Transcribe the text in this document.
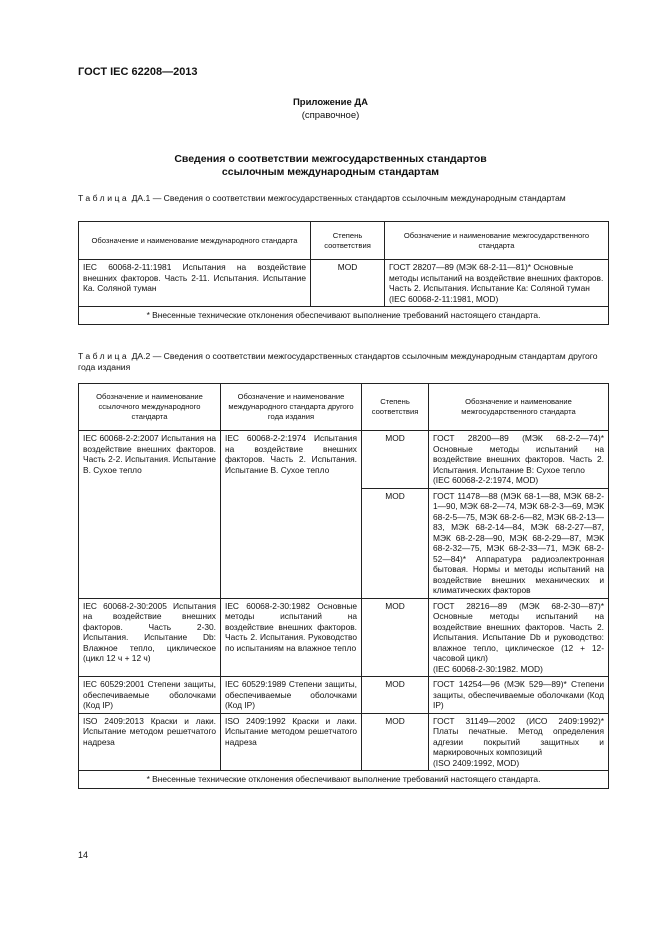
ГОСТ IEC 62208—2013
Приложение ДА
(справочное)
Сведения о соответствии межгосударственных стандартов
ссылочным международным стандартам
Таблица ДА.1 — Сведения о соответствии межгосударственных стандартов ссылочным международным стандартам
Обозначение и наименование международного стандарта	Степень соответствия	Обозначение и наименование межгосударственного стандарта

IEC 60068-2-11:1981 Испытания на воздействие внешних факторов. Часть 2-11. Испытания. Испытание Ка. Соляной туман	MOD	ГОСТ 28207—89 (МЭК 68-2-11—81)* Основные методы испытаний на воздействие внешних факторов. Часть 2. Испытания. Испытание Ка: Соляной туман
(IEC 60068-2-11:1981, MOD)

* Внесенные технические отклонения обеспечивают выполнение требований настоящего стандарта.		
Таблица ДА.2 — Сведения о соответствии межгосударственных стандартов ссылочным международным стандартам другого года издания
Обозначение и наименование ссылочного международного стандарта	Обозначение и наименование международного стандарта другого года издания	Степень соответствия	Обозначение и наименование межгосударственного стандарта
IEC 60068-2-2:2007 Испытания на воздействие внешних факторов. Часть 2-2. Испытания. Испытание В. Сухое тепло	IEC 60068-2-2:1974 Испытания на воздействие внешних факторов. Часть 2. Испытания. Испытание В. Сухое тепло	MOD	ГОСТ 28200—89 (МЭК 68-2-2—74)* Основные методы испытаний на воздействие внешних факторов. Часть 2. Испытания. Испытание В: Сухое тепло
(IEC 60068-2-2:1974, MOD)

		MOD	ГОСТ 11478—88 (МЭК 68-1—88, МЭК 68-2-1—90, МЭК 68-2—74, МЭК 68-2-3—69, МЭК 68-2-5—75, МЭК 68-2-6—82, МЭК 68-2-13—83, МЭК 68-2-14—84, МЭК 68-2-27—87, МЭК 68-2-28—90, МЭК 68-2-29—87, МЭК 68-2-32—75, МЭК 68-2-33—71, МЭК 68-2-52—84)* Аппаратура радиоэлектронная бытовая. Нормы и методы испытаний на воздействие внешних механических и климатических факторов

IEC 60068-2-30:2005 Испытания на воздействие внешних факторов. Часть 2-30. Испытания. Испытание Db: Влажное тепло, циклическое (цикл 12 ч + 12 ч)	IEC 60068-2-30:1982 Основные методы испытаний на воздействие внешних факторов. Часть 2. Испытания. Руководство по испытаниям на влажное тепло	MOD	ГОСТ 28216—89 (МЭК 68-2-30—87)* Основные методы испытаний на воздействие внешних факторов. Часть 2. Испытания. Испытание Db и руководство: влажное тепло, циклическое (12 + 12-часовой цикл)
(IEC 60068-2-30:1982. MOD)

IEC 60529:2001 Степени защиты, обеспечиваемые оболочками (Код IP)	IEC 60529:1989 Степени защиты, обеспечиваемые оболочками (Код IP)	MOD	ГОСТ 14254—96 (МЭК 529—89)* Степени защиты, обеспечиваемые оболочками (Код IP)

ISO 2409:2013 Краски и лаки. Испытание методом решетчатого надреза	ISO 2409:1992 Краски и лаки. Испытание методом решетчатого надреза	MOD	ГОСТ 31149—2002 (ИСО 2409:1992)* Платы печатные. Метод определения адгезии покрытий защитных и маркировочных композиций
(ISO 2409:1992, MOD)

* Внесенные технические отклонения обеспечивают выполнение требований настоящего стандарта.			
14
